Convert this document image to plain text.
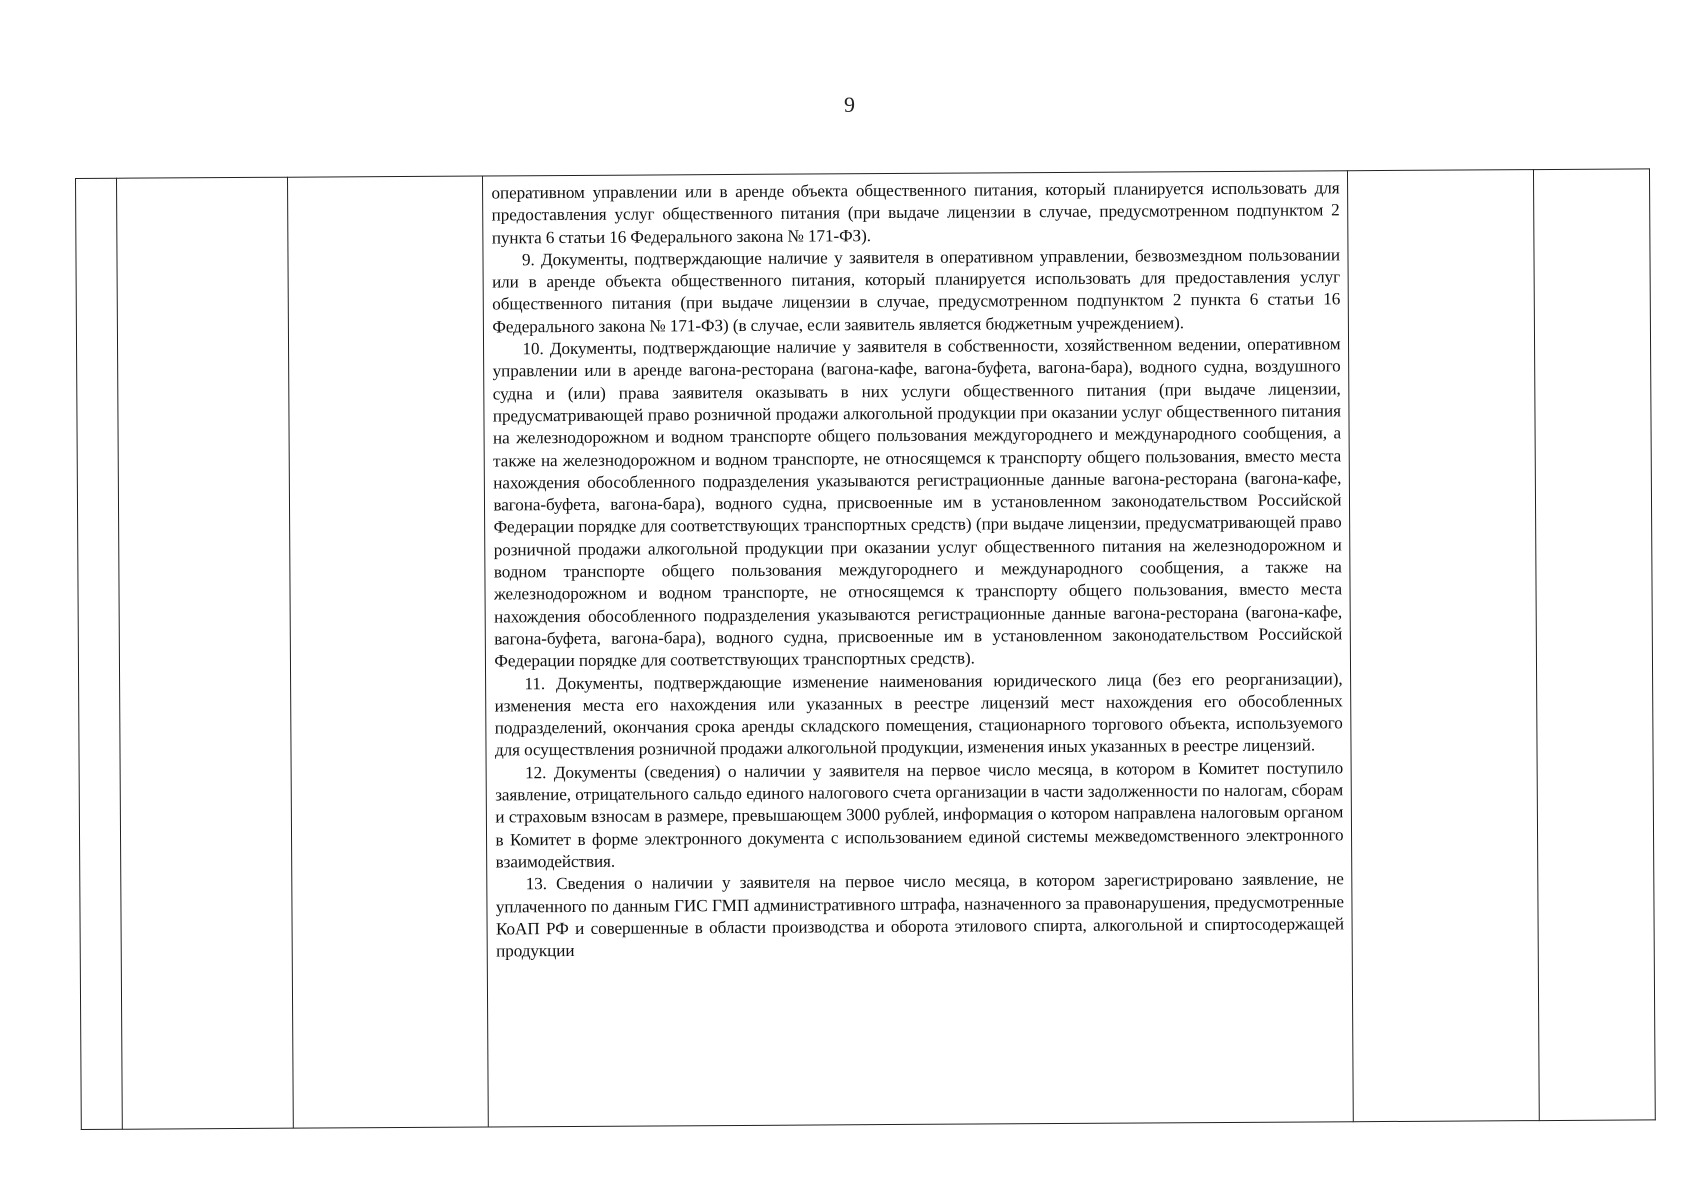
9

оперативном управлении или в аренде объекта общественного питания, который планируется использовать для предоставления услуг общественного питания (при выдаче лицензии в случае, предусмотренном подпунктом 2 пункта 6 статьи 16 Федерального закона № 171-ФЗ).

9. Документы, подтверждающие наличие у заявителя в оперативном управлении, безвозмездном пользовании или в аренде объекта общественного питания, который планируется использовать для предоставления услуг общественного питания (при выдаче лицензии в случае, предусмотренном подпунктом 2 пункта 6 статьи 16 Федерального закона № 171-ФЗ) (в случае, если заявитель является бюджетным учреждением).

10. Документы, подтверждающие наличие у заявителя в собственности, хозяйственном ведении, оперативном управлении или в аренде вагона-ресторана (вагона-кафе, вагона-буфета, вагона-бара), водного судна, воздушного судна и (или) права заявителя оказывать в них услуги общественного питания (при выдаче лицензии, предусматривающей право розничной продажи алкогольной продукции при оказании услуг общественного питания на железнодорожном и водном транспорте общего пользования междугороднего и международного сообщения, а также на железнодорожном и водном транспорте, не относящемся к транспорту общего пользования, вместо места нахождения обособленного подразделения указываются регистрационные данные вагона-ресторана (вагона-кафе, вагона-буфета, вагона-бара), водного судна, присвоенные им в установленном законодательством Российской Федерации порядке для соответствующих транспортных средств) (при выдаче лицензии, предусматривающей право розничной продажи алкогольной продукции при оказании услуг общественного питания на железнодорожном и водном транспорте общего пользования междугороднего и международного сообщения, а также на железнодорожном и водном транспорте, не относящемся к транспорту общего пользования, вместо места нахождения обособленного подразделения указываются регистрационные данные вагона-ресторана (вагона-кафе, вагона-буфета, вагона-бара), водного судна, присвоенные им в установленном законодательством Российской Федерации порядке для соответствующих транспортных средств).

11. Документы, подтверждающие изменение наименования юридического лица (без его реорганизации), изменения места его нахождения или указанных в реестре лицензий мест нахождения его обособленных подразделений, окончания срока аренды складского помещения, стационарного торгового объекта, используемого для осуществления розничной продажи алкогольной продукции, изменения иных указанных в реестре лицензий.

12. Документы (сведения) о наличии у заявителя на первое число месяца, в котором в Комитет поступило заявление, отрицательного сальдо единого налогового счета организации в части задолженности по налогам, сборам и страховым взносам в размере, превышающем 3000 рублей, информация о котором направлена налоговым органом в Комитет в форме электронного документа с использованием единой системы межведомственного электронного взаимодействия.

13. Сведения о наличии у заявителя на первое число месяца, в котором зарегистрировано заявление, не уплаченного по данным ГИС ГМП административного штрафа, назначенного за правонарушения, предусмотренные КоАП РФ и совершенные в области производства и оборота этилового спирта, алкогольной и спиртосодержащей продукции
